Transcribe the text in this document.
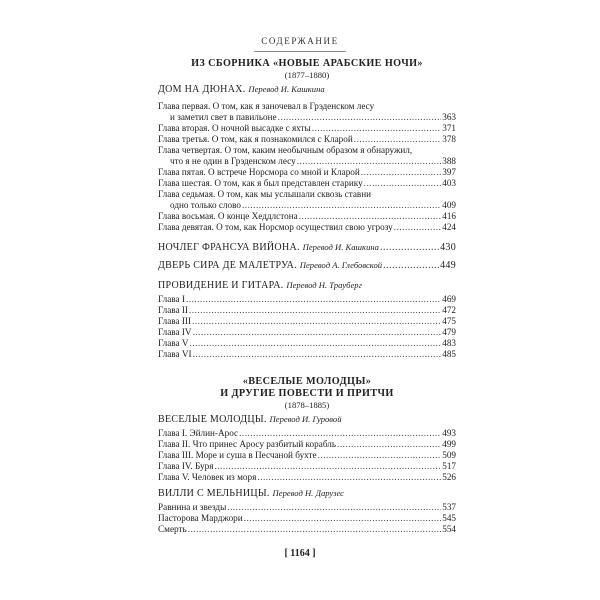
СОДЕРЖАНИЕ
ИЗ СБОРНИКА «НОВЫЕ АРАБСКИЕ НОЧИ»
(1877–1880)
ДОМ НА ДЮНАХ. Перевод И. Кашкина
Глава первая. О том, как я заночевал в Грэденском лесу
и заметил свет в павильоне .....	363
Глава вторая. О ночной высадке с яхты .....	371
Глава третья. О том, как я познакомился с Кларой .....	378
Глава четвертая. О том, каким необычным образом я обнаружил,
что я не один в Грэденском лесу .....	388
Глава пятая. О встрече Норсмора со мной и Кларой .....	397
Глава шестая. О том, как я был представлен старику .....	403
Глава седьмая. О том, как мы услышали сквозь ставни
одно только слово .....	409
Глава восьмая. О конце Хеддлстона .....	416
Глава девятая. О том, как Норсмор осуществил свою угрозу .....	424
НОЧЛЕГ ФРАНСУА ВИЙОНА. Перевод И. Кашкина .....	430
ДВЕРЬ СИРА ДЕ МАЛЕТРУА. Перевод А. Глебовской .....	449
ПРОВИДЕНИЕ И ГИТАРА. Перевод Н. Трауберг
Глава I .....	469
Глава II .....	472
Глава III .....	475
Глава IV .....	479
Глава V .....	483
Глава VI .....	485
«ВЕСЕЛЫЕ МОЛОДЦЫ»
И ДРУГИЕ ПОВЕСТИ И ПРИТЧИ
(1878–1885)
ВЕСЕЛЫЕ МОЛОДЦЫ. Перевод И. Гуровой
Глава I. Эйлин-Арос .....	493
Глава II. Что принес Аросу разбитый корабль .....	499
Глава III. Море и суша в Песчаной бухте .....	509
Глава IV. Буря .....	517
Глава V. Человек из моря .....	526
ВИЛЛИ С МЕЛЬНИЦЫ. Перевод Н. Дарузес
Равнина и звезды .....	537
Пасторова Марджори .....	545
Смерть .....	554
[ 1164 ]
